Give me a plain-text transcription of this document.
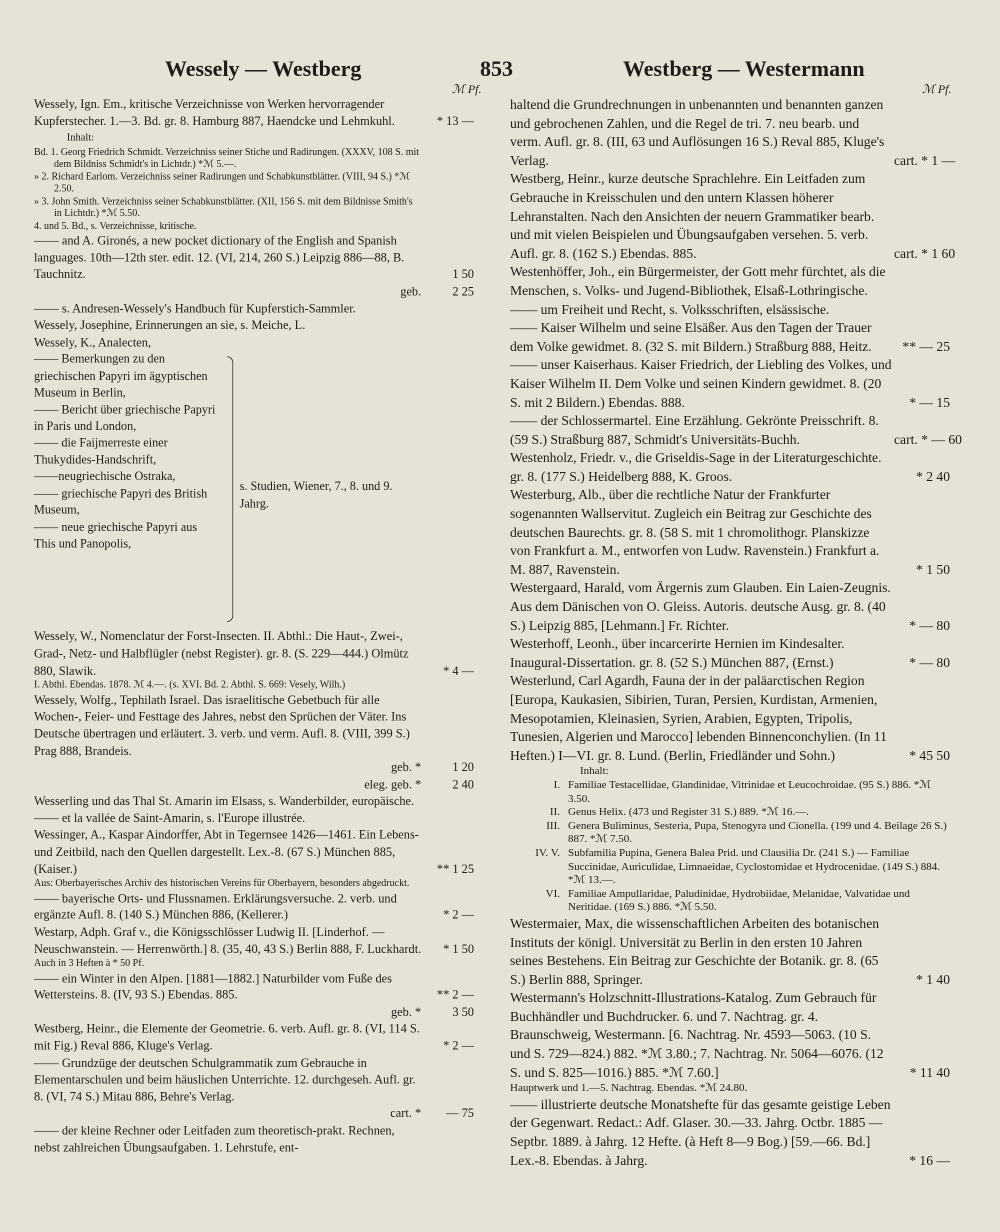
Wessely — Westberg	853	Westberg — Westermann
ℳ Pf.	ℳ Pf.
Wessely, Ign. Em., kritische Verzeichnisse von Werken hervorragender Kupferstecher. 1.—3. Bd. gr. 8. Hamburg 887, Haendcke und Lehmkuhl.	* 13 —
Inhalt:
Bd. 1. Georg Friedrich Schmidt. Verzeichniss seiner Stiche und Radirungen. (XXXV, 108 S. mit dem Bildniss Schmidt's in Lichtdr.) *ℳ 5.—.
» 2. Richard Earlom. Verzeichniss seiner Radirungen und Schabkunstblätter. (VIII, 94 S.) *ℳ 2.50.
» 3. John Smith. Verzeichniss seiner Schabkunstblätter. (XII, 156 S. mit dem Bildnisse Smith's in Lichtdr.) *ℳ 5.50.
4. und 5. Bd., s. Verzeichnisse, kritische.
—— and A. Gironés, a new pocket dictionary of the English and Spanish languages. 10th—12th ster. edit. 12. (VI, 214, 260 S.) Leipzig 886—88, B. Tauchnitz.	1 50
geb.	2 25
—— s. Andresen-Wessely's Handbuch für Kupferstich-Sammler.
Wessely, Josephine, Erinnerungen an sie, s. Meiche, L.
Wessely, K., Analecten,
—— Bemerkungen zu den griechischen Papyri im ägyptischen Museum in Berlin,
—— Bericht über griechische Papyri in Paris und London,
—— die Faijmerreste einer Thukydides-Handschrift,
——neugriechische Ostraka,
—— griechische Papyri des British Museum,
—— neue griechische Papyri aus This und Panopolis,
s. Studien, Wiener, 7., 8. und 9. Jahrg.
Wessely, W., Nomenclatur der Forst-Insecten. II. Abthl.: Die Haut-, Zwei-, Grad-, Netz- und Halbflügler (nebst Register). gr. 8. (S. 229—444.) Olmütz 880, Slawik.	* 4 —
I. Abthl. Ebendas. 1878. ℳ 4.—. (s. XVI. Bd. 2. Abthl. S. 669: Vesely, Wilh.)
Wessely, Wolfg., Tephilath Israel. Das israelitische Gebetbuch für alle Wochen-, Feier- und Festtage des Jahres, nebst den Sprüchen der Väter. Ins Deutsche übertragen und erläutert. 3. verb. und verm. Aufl. 8. (VIII, 399 S.) Prag 888, Brandeis.
geb. *	1 20
eleg. geb. *	2 40
Wesserling und das Thal St. Amarin im Elsass, s. Wanderbilder, europäische.
—— et la vallée de Saint-Amarin, s. l'Europe illustrée.
Wessinger, A., Kaspar Aindorffer, Abt in Tegernsee 1426—1461. Ein Lebens- und Zeitbild, nach den Quellen dargestellt. Lex.-8. (67 S.) München 885, (Kaiser.)	** 1 25
Aus: Oberbayerisches Archiv des historischen Vereins für Oberbayern, besonders abgedruckt.
—— bayerische Orts- und Flussnamen. Erklärungsversuche. 2. verb. und ergänzte Aufl. 8. (140 S.) München 886, (Kellerer.)	* 2 —
Westarp, Adph. Graf v., die Königsschlösser Ludwig II. [Linderhof. — Neuschwanstein. — Herrenwörth.] 8. (35, 40, 43 S.) Berlin 888, F. Luckhardt.	* 1 50
Auch in 3 Heften à * 50 Pf.
—— ein Winter in den Alpen. [1881—1882.] Naturbilder vom Fuße des Wettersteins. 8. (IV, 93 S.) Ebendas. 885.	** 2 —
geb. *	3 50
Westberg, Heinr., die Elemente der Geometrie. 6. verb. Aufl. gr. 8. (VI, 114 S. mit Fig.) Reval 886, Kluge's Verlag.	* 2 —
—— Grundzüge der deutschen Schulgrammatik zum Gebrauche in Elementarschulen und beim häuslichen Unterrichte. 12. durchgeseh. Aufl. gr. 8. (VI, 74 S.) Mitau 886, Behre's Verlag.
cart. *	— 75
—— der kleine Rechner oder Leitfaden zum theoretisch-prakt. Rechnen, nebst zahlreichen Übungsaufgaben. 1. Lehrstufe, ent-
haltend die Grundrechnungen in unbenannten und benannten ganzen und gebrochenen Zahlen, und die Regel de tri. 7. neu bearb. und verm. Aufl. gr. 8. (III, 63 und Auflösungen 16 S.) Reval 885, Kluge's Verlag.	cart. * 1 —
Westberg, Heinr., kurze deutsche Sprachlehre. Ein Leitfaden zum Gebrauche in Kreisschulen und den untern Klassen höherer Lehranstalten. Nach den Ansichten der neuern Grammatiker bearb. und mit vielen Beispielen und Übungsaufgaben versehen. 5. verb. Aufl. gr. 8. (162 S.) Ebendas. 885.	cart. * 1 60
Westenhöffer, Joh., ein Bürgermeister, der Gott mehr fürchtet, als die Menschen, s. Volks- und Jugend-Bibliothek, Elsaß-Lothringische.
—— um Freiheit und Recht, s. Volksschriften, elsässische.
—— Kaiser Wilhelm und seine Elsäßer. Aus den Tagen der Trauer dem Volke gewidmet. 8. (32 S. mit Bildern.) Straßburg 888, Heitz.	** — 25
—— unser Kaiserhaus. Kaiser Friedrich, der Liebling des Volkes, und Kaiser Wilhelm II. Dem Volke und seinen Kindern gewidmet. 8. (20 S. mit 2 Bildern.) Ebendas. 888.	* — 15
—— der Schlossermartel. Eine Erzählung. Gekrönte Preisschrift. 8. (59 S.) Straßburg 887, Schmidt's Universitäts-Buchh.	cart. * — 60
Westenholz, Friedr. v., die Griseldis-Sage in der Literaturgeschichte. gr. 8. (177 S.) Heidelberg 888, K. Groos.	* 2 40
Westerburg, Alb., über die rechtliche Natur der Frankfurter sogenannten Wallservitut. Zugleich ein Beitrag zur Geschichte des deutschen Baurechts. gr. 8. (58 S. mit 1 chromolithogr. Planskizze von Frankfurt a. M., entworfen von Ludw. Ravenstein.) Frankfurt a. M. 887, Ravenstein.	* 1 50
Westergaard, Harald, vom Ärgernis zum Glauben. Ein Laien-Zeugnis. Aus dem Dänischen von O. Gleiss. Autoris. deutsche Ausg. gr. 8. (40 S.) Leipzig 885, [Lehmann.] Fr. Richter.	* — 80
Westerhoff, Leonh., über incarcerirte Hernien im Kindesalter. Inaugural-Dissertation. gr. 8. (52 S.) München 887, (Ernst.)	* — 80
Westerlund, Carl Agardh, Fauna der in der paläarctischen Region [Europa, Kaukasien, Sibirien, Turan, Persien, Kurdistan, Armenien, Mesopotamien, Kleinasien, Syrien, Arabien, Egypten, Tripolis, Tunesien, Algerien und Marocco] lebenden Binnenconchylien. (In 11 Heften.) I—VI. gr. 8. Lund. (Berlin, Friedländer und Sohn.)	* 45 50
Inhalt:
I. Familiae Testacellidae, Glandinidae, Vitrinidae et Leucochroidae. (95 S.) 886. *ℳ 3.50.
II. Genus Helix. (473 und Register 31 S.) 889. *ℳ 16.—.
III. Genera Buliminus, Sesteria, Pupa, Stenogyra und Cionella. (199 und 4. Beilage 26 S.) 887. *ℳ 7.50.
IV. V. Subfamilia Pupina, Genera Balea Prid. und Clausilia Dr. (241 S.) — Familiae Succinidae, Auriculidae, Limnaeidae, Cyclostomidae et Hydrocenidae. (149 S.) 884. *ℳ 13.—.
VI. Familiae Ampullaridae, Paludinidae, Hydrobiidae, Melanidae, Valvatidae und Neritidae. (169 S.) 886. *ℳ 5.50.
Westermaier, Max, die wissenschaftlichen Arbeiten des botanischen Instituts der königl. Universität zu Berlin in den ersten 10 Jahren seines Bestehens. Ein Beitrag zur Geschichte der Botanik. gr. 8. (65 S.) Berlin 888, Springer.	* 1 40
Westermann's Holzschnitt-Illustrations-Katalog. Zum Gebrauch für Buchhändler und Buchdrucker. 6. und 7. Nachtrag. gr. 4. Braunschweig, Westermann. [6. Nachtrag. Nr. 4593—5063. (10 S. und S. 729—824.) 882. *ℳ 3.80.; 7. Nachtrag. Nr. 5064—6076. (12 S. und S. 825—1016.) 885. *ℳ 7.60.]	* 11 40
Hauptwerk und 1.—5. Nachtrag. Ebendas. *ℳ 24.80.
—— illustrierte deutsche Monatshefte für das gesamte geistige Leben der Gegenwart. Redact.: Adf. Glaser. 30.—33. Jahrg. Octbr. 1885 — Septbr. 1889. à Jahrg. 12 Hefte. (à Heft 8—9 Bog.) [59.—66. Bd.] Lex.-8. Ebendas. à Jahrg.	* 16 —
